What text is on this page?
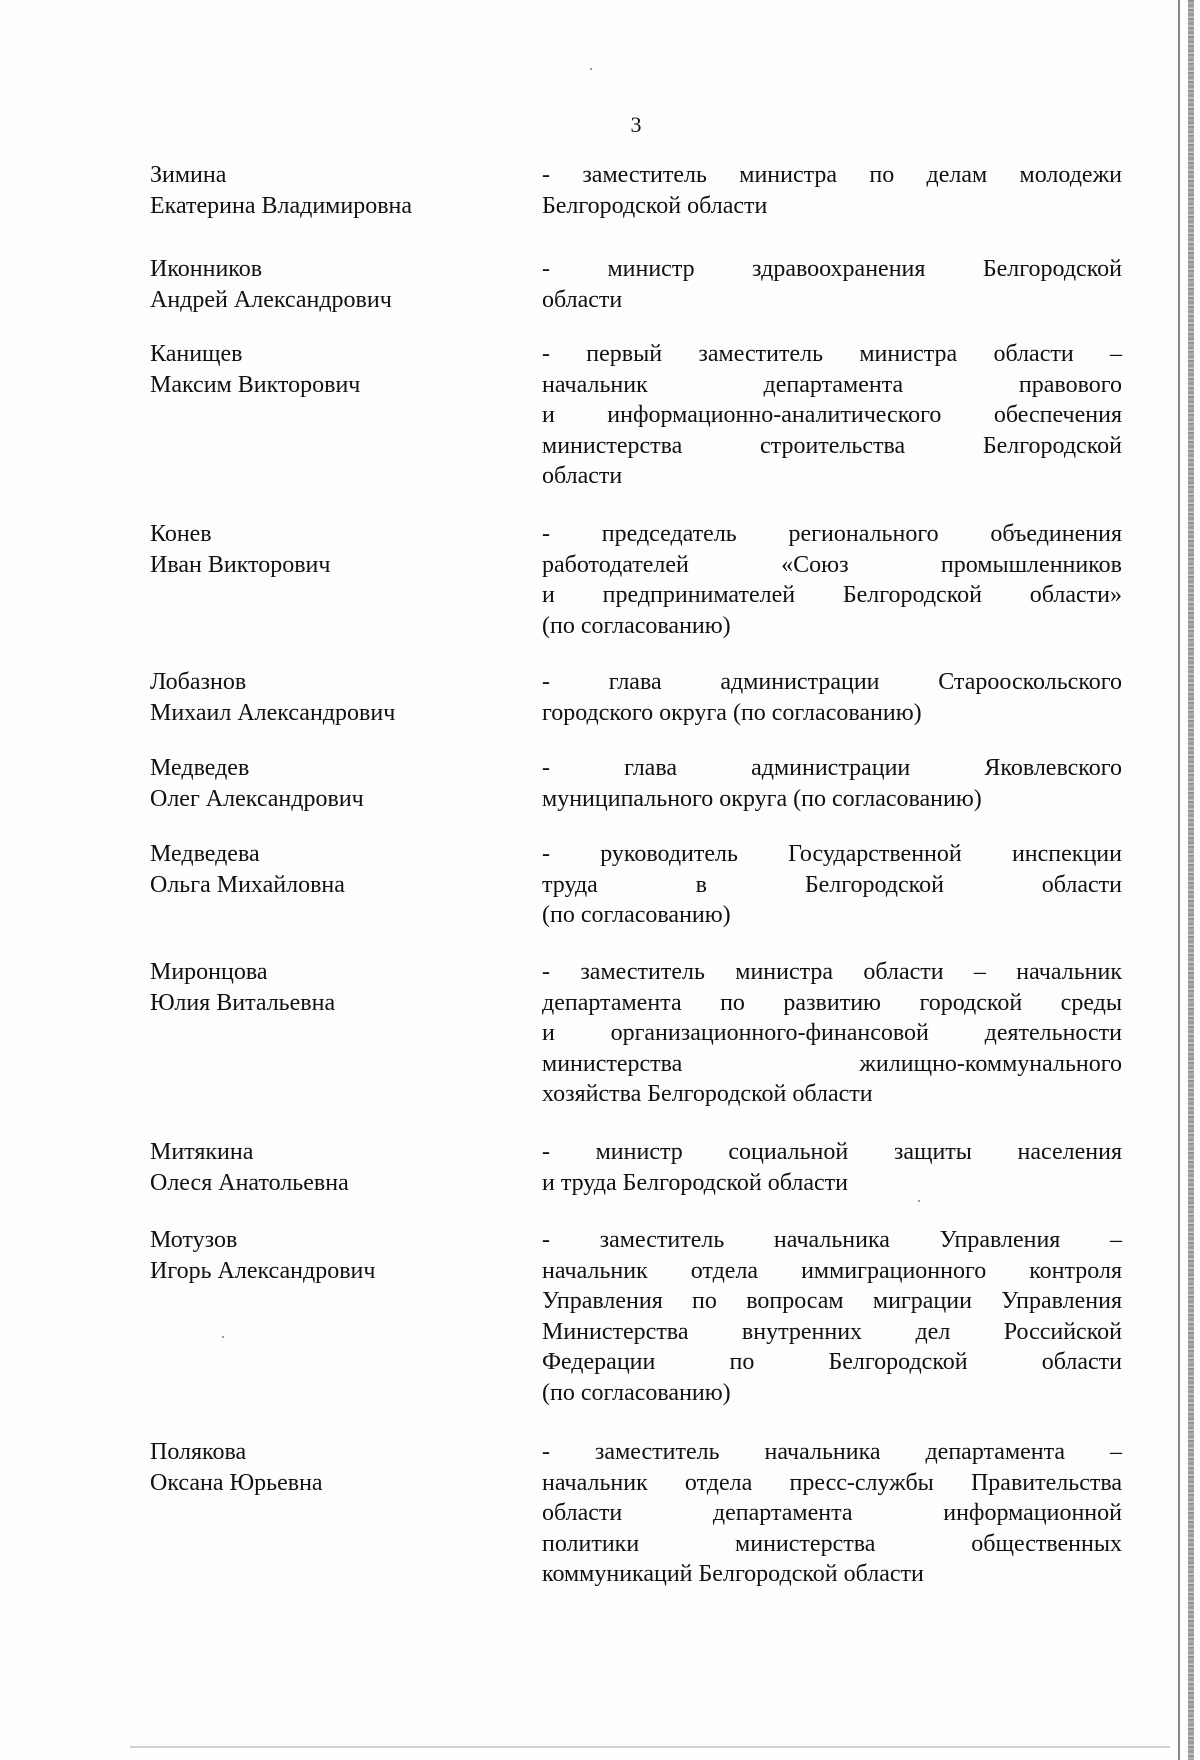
3
Зимина
Екатерина Владимировна
- заместитель министра по делам молодежи
Белгородской области
Иконников
Андрей Александрович
- министр здравоохранения Белгородской
области
Канищев
Максим Викторович
- первый заместитель министра области –
начальник департамента правового
и информационно-аналитического обеспечения
министерства строительства Белгородской
области
Конев
Иван Викторович
- председатель регионального объединения
работодателей «Союз промышленников
и предпринимателей Белгородской области»
(по согласованию)
Лобазнов
Михаил Александрович
- глава администрации Старооскольского
городского округа (по согласованию)
Медведев
Олег Александрович
- глава администрации Яковлевского
муниципального округа (по согласованию)
Медведева
Ольга Михайловна
- руководитель Государственной инспекции
труда в Белгородской области
(по согласованию)
Миронцова
Юлия Витальевна
- заместитель министра области – начальник
департамента по развитию городской среды
и организационного-финансовой деятельности
министерства жилищно-коммунального
хозяйства Белгородской области
Митякина
Олеся Анатольевна
- министр социальной защиты населения
и труда Белгородской области
Мотузов
Игорь Александрович
- заместитель начальника Управления –
начальник отдела иммиграционного контроля
Управления по вопросам миграции Управления
Министерства внутренних дел Российской
Федерации по Белгородской области
(по согласованию)
Полякова
Оксана Юрьевна
- заместитель начальника департамента –
начальник отдела пресс-службы Правительства
области департамента информационной
политики министерства общественных
коммуникаций Белгородской области
